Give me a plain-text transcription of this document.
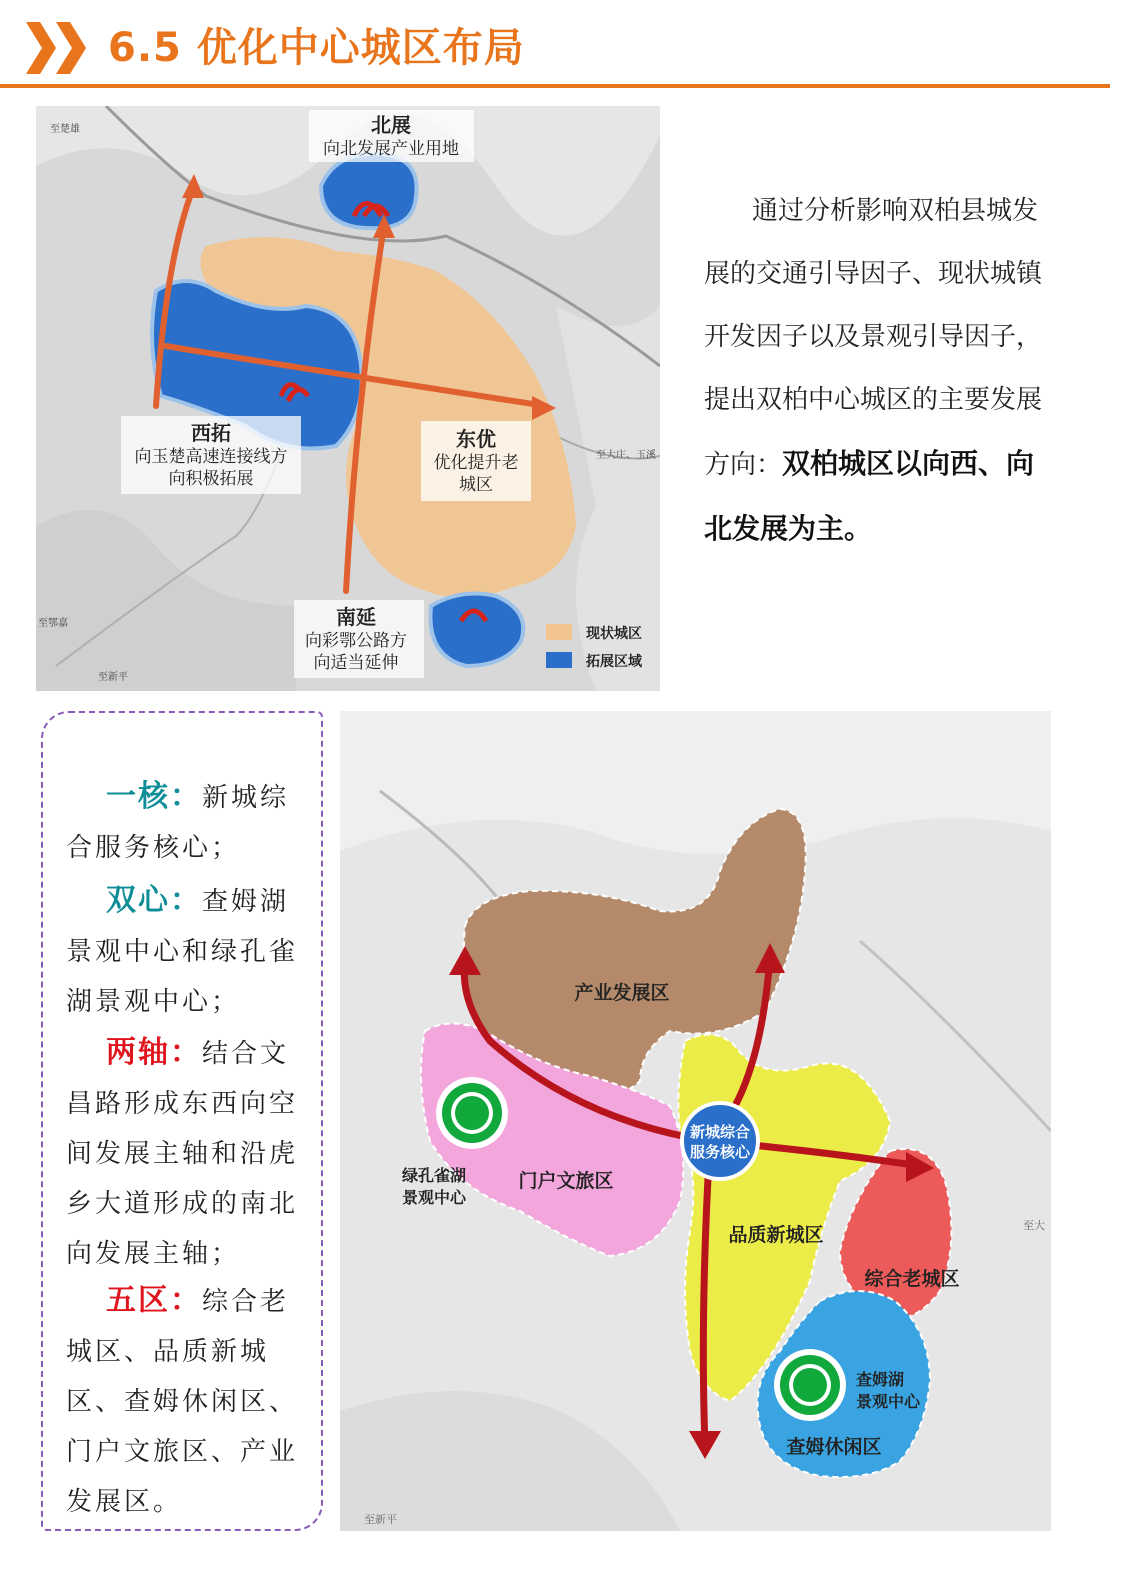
6.5 优化中心城区布局
北展
向北发展产业用地
西拓
向玉楚高速连接线方
向积极拓展
东优
优化提升老
城区
南延
向彩鄂公路方
向适当延伸
现状城区
拓展区域
至楚雄
至大庄、玉溪
至鄂嘉
至新平
通过分析影响双柏县城发展的交通引导因子、现状城镇开发因子以及景观引导因子，提出双柏中心城区的主要发展方向：双柏城区以向西、向北发展为主。
一核：新城综合服务核心；
双心：查姆湖景观中心和绿孔雀湖景观中心；
两轴：结合文昌路形成东西向空间发展主轴和沿虎乡大道形成的南北向发展主轴；
五区：综合老城区、品质新城区、查姆休闲区、门户文旅区、产业发展区。
产业发展区
门户文旅区
品质新城区
综合老城区
查姆休闲区
新城综合
服务核心
绿孔雀湖
景观中心
查姆湖
景观中心
至新平
至大
